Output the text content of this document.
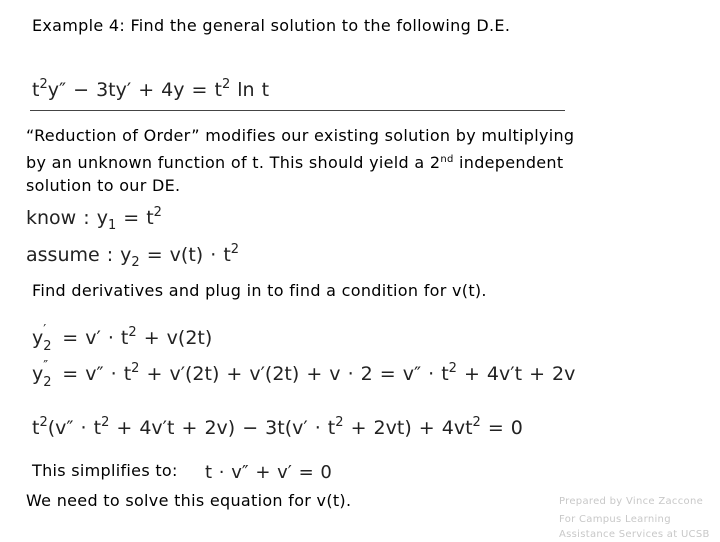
Example 4: Find the general solution to the following D.E.
$t^2y'' - 3ty' + 4y = t^2$ ln t
“Reduction of Order” modifies our existing solution by multiplying
by an unknown function of t. This should yield a 2nd independent
solution to our DE.
know : $y_1 = t^2$
assume : $y_2 = v(t) \cdot t^2$
Find derivatives and plug in to find a condition for v(t).
y ′
$2 = v' \cdot t^2 + v(2t)$
y ″
$2 = v'' \cdot t^2 + v'(2t) + v'(2t) + v \cdot 2 = v'' \cdot t^2 + 4v't + 2v$
$t^2(v'' \cdot t^2 + 4v't + 2v) - 3t(v' \cdot t^2 + 2vt) + 4vt^2 = 0$
This simplifies to: t · v″ + v′ = 0
We need to solve this equation for v(t).	Prepared by Vince Zaccone
For Campus Learning
Assistance Services at UCSB
